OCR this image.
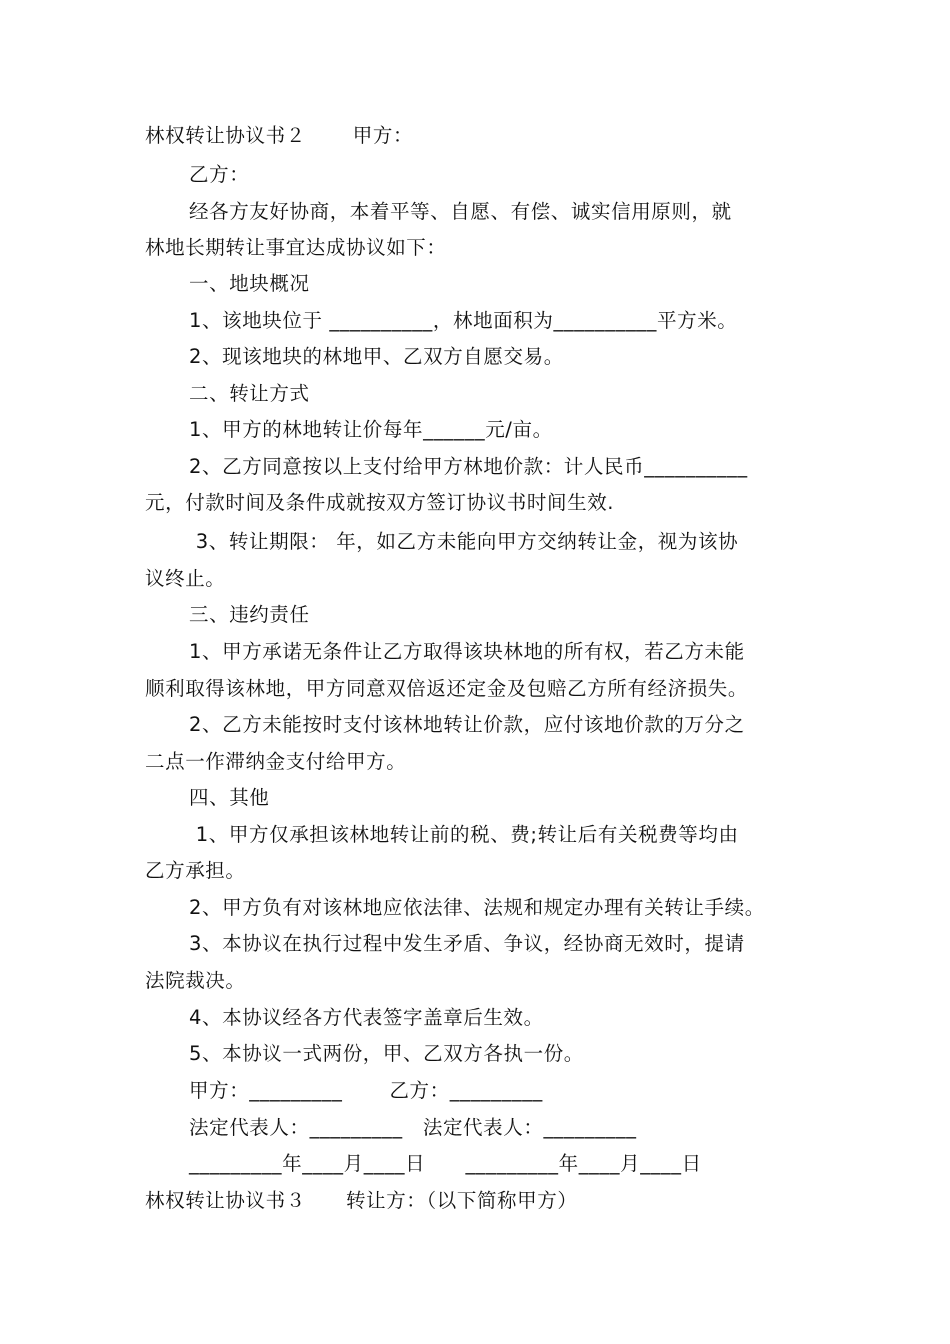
林权转让协议书２　　 甲方：
乙方：
经各方友好协商，本着平等、自愿、有偿、诚实信用原则，就
林地长期转让事宜达成协议如下：
一、地块概况
1、该地块位于 __________，林地面积为__________平方米。
2、现该地块的林地甲、乙双方自愿交易。
二、转让方式
1、甲方的林地转让价每年______元/亩。
2、乙方同意按以上支付给甲方林地价款：计人民币__________
元，付款时间及条件成就按双方签订协议书时间生效.
3、转让期限： 年，如乙方未能向甲方交纳转让金，视为该协
议终止。
三、违约责任
1、甲方承诺无条件让乙方取得该块林地的所有权，若乙方未能
顺利取得该林地，甲方同意双倍返还定金及包赔乙方所有经济损失。
2、乙方未能按时支付该林地转让价款，应付该地价款的万分之
二点一作滞纳金支付给甲方。
四、其他
1、甲方仅承担该林地转让前的税、费;转让后有关税费等均由
乙方承担。
2、甲方负有对该林地应依法律、法规和规定办理有关转让手续。
3、本协议在执行过程中发生矛盾、争议，经协商无效时，提请
法院裁决。
4、本协议经各方代表签字盖章后生效。
5、本协议一式两份，甲、乙双方各执一份。
甲方：_________　　 乙方：_________
法定代表人：_________　法定代表人：_________
_________年____月____日　　_________年____月____日
林权转让协议书３　　转让方：（以下简称甲方）
